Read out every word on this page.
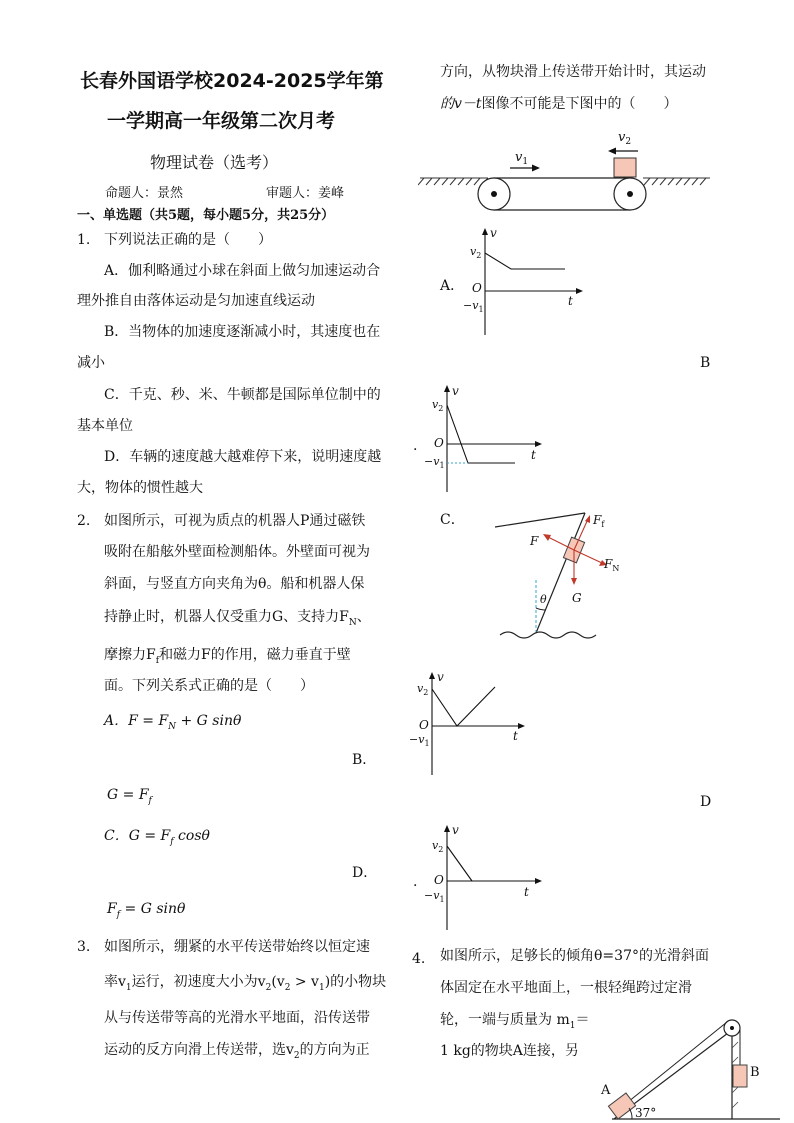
长春外国语学校2024-2025学年第
一学期高一年级第二次月考
物理试卷（选考）
命题人：景然	审题人：姜峰
一、单选题（共5题，每小题5分，共25分）
1. 下列说法正确的是（　　）
A．伽利略通过小球在斜面上做匀加速运动合
理外推自由落体运动是匀加速直线运动
B．当物体的加速度逐渐减小时，其速度也在
减小
C．千克、秒、米、牛顿都是国际单位制中的
基本单位
D．车辆的速度越大越难停下来，说明速度越
大，物体的惯性越大
2. 如图所示，可视为质点的机器人P通过磁铁
吸附在船舷外壁面检测船体。外壁面可视为
斜面，与竖直方向夹角为θ。船和机器人保
持静止时，机器人仅受重力G、支持力$F_N$、
摩擦力$F_f$和磁力F的作用，磁力垂直于壁
面。下列关系式正确的是（　　）
A．$F = F_N + G$ sinθ
B．
$G = F_f$
C．$G = F_f$ cosθ
D．
$F_f = G$ sinθ
3. 如图所示，绷紧的水平传送带始终以恒定速
率$v_1$运行，初速度大小为$v_2(v_2 > v_1)$的小物块
从与传送带等高的光滑水平地面，沿传送带
运动的反方向滑上传送带，选$v_2$的方向为正
方向，从物块滑上传送带开始计时，其运动
的v－t图像不可能是下图中的（　　）
$v_1$
$v_2$
A．
v
t
O
$v_2$
$-v_1$
B
.
v
t
O
$v_2$
$-v_1$
C．
θ
$F_f$
F
$F_N$
G
v
t
O
$v_2$
$-v_1$
D
.
v
t
O
$v_2$
$-v_1$
4. 如图所示，足够长的倾角θ=37°的光滑斜面
体固定在水平地面上，一根轻绳跨过定滑
轮，一端与质量为 $m_1=$
1 kg的物块A连接，另
A
B
37°
